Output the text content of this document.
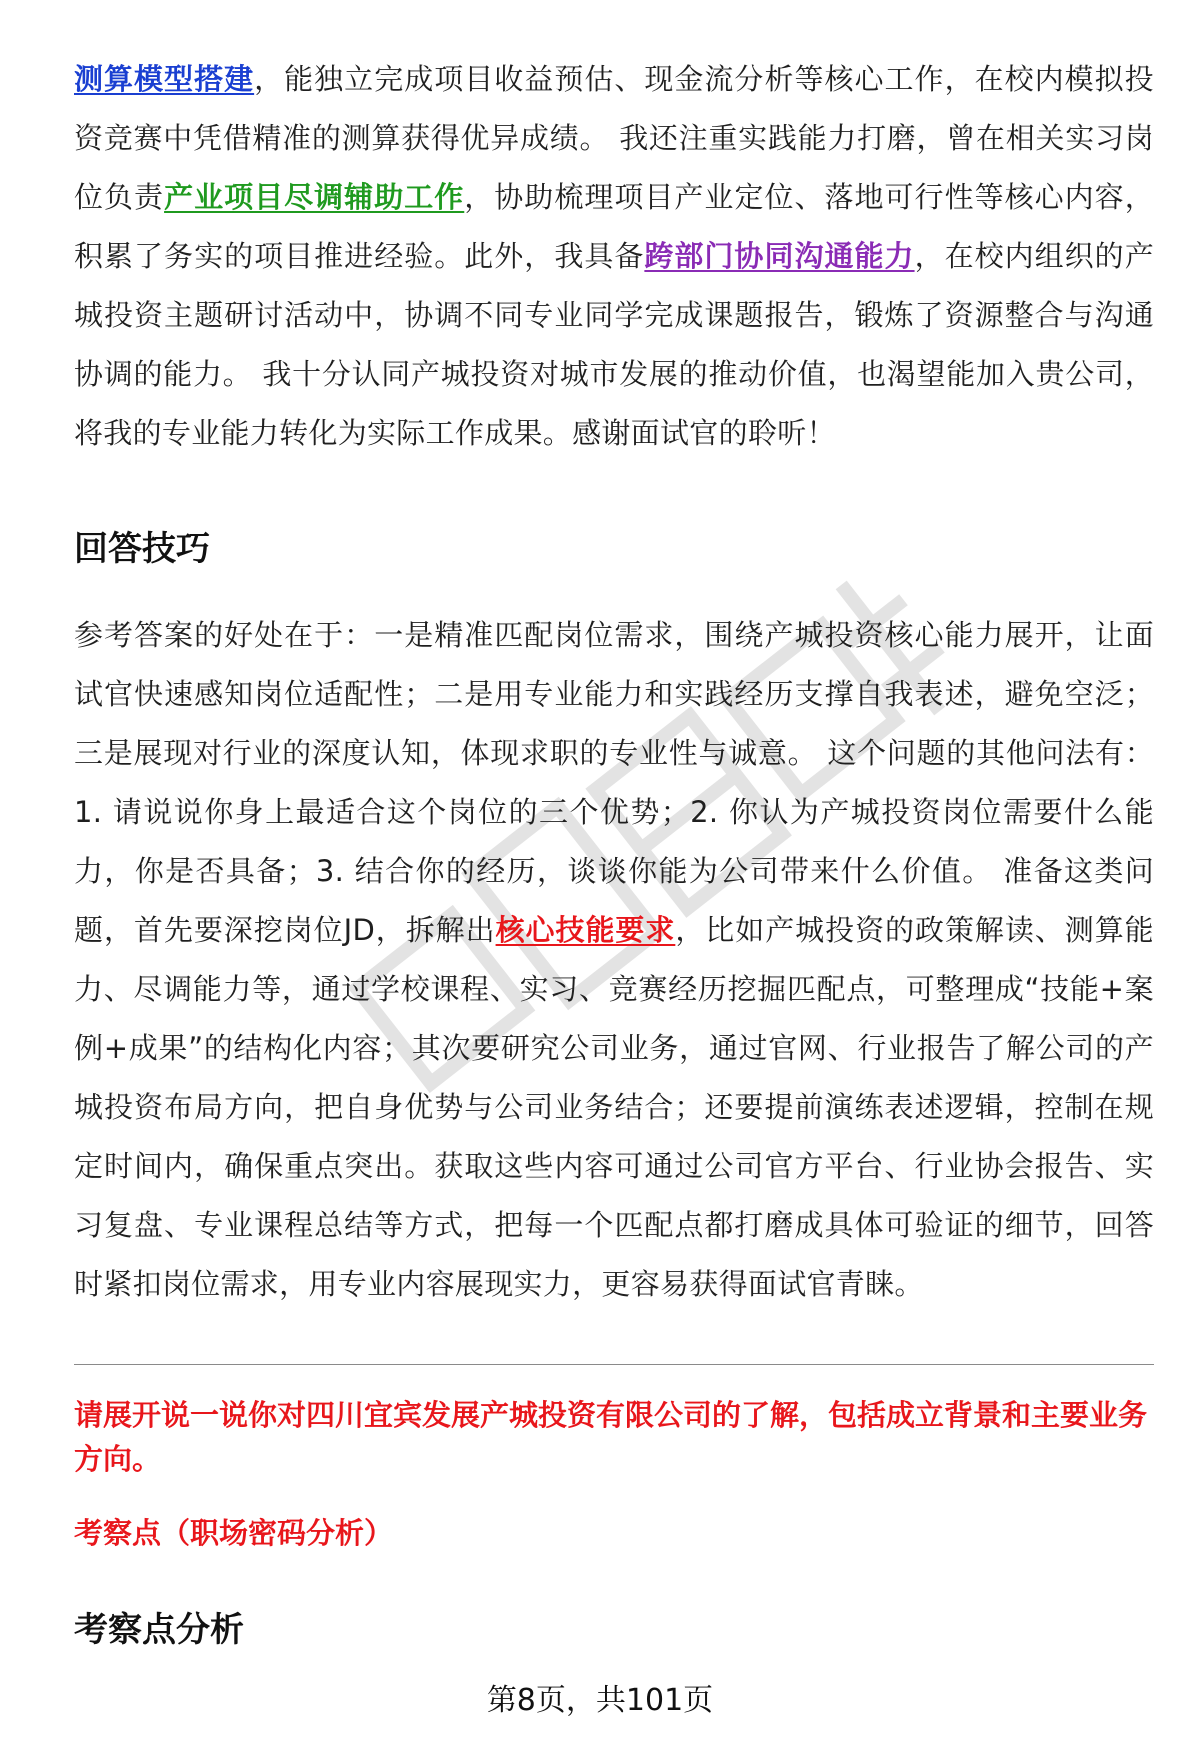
测算模型搭建，能独立完成项目收益预估、现金流分析等核心工作，在校内模拟投资竞赛中凭借精准的测算获得优异成绩。 我还注重实践能力打磨，曾在相关实习岗位负责产业项目尽调辅助工作，协助梳理项目产业定位、落地可行性等核心内容，积累了务实的项目推进经验。此外，我具备跨部门协同沟通能力，在校内组织的产城投资主题研讨活动中，协调不同专业同学完成课题报告，锻炼了资源整合与沟通协调的能力。 我十分认同产城投资对城市发展的推动价值，也渴望能加入贵公司，将我的专业能力转化为实际工作成果。感谢面试官的聆听！

回答技巧

参考答案的好处在于：一是精准匹配岗位需求，围绕产城投资核心能力展开，让面试官快速感知岗位适配性；二是用专业能力和实践经历支撑自我表述，避免空泛；三是展现对行业的深度认知，体现求职的专业性与诚意。 这个问题的其他问法有：1. 请说说你身上最适合这个岗位的三个优势；2. 你认为产城投资岗位需要什么能力，你是否具备；3. 结合你的经历，谈谈你能为公司带来什么价值。 准备这类问题，首先要深挖岗位JD，拆解出核心技能要求，比如产城投资的政策解读、测算能力、尽调能力等，通过学校课程、实习、竞赛经历挖掘匹配点，可整理成“技能+案例+成果”的结构化内容；其次要研究公司业务，通过官网、行业报告了解公司的产城投资布局方向，把自身优势与公司业务结合；还要提前演练表述逻辑，控制在规定时间内，确保重点突出。获取这些内容可通过公司官方平台、行业协会报告、实习复盘、专业课程总结等方式，把每一个匹配点都打磨成具体可验证的细节，回答时紧扣岗位需求，用专业内容展现实力，更容易获得面试官青睐。

请展开说一说你对四川宜宾发展产城投资有限公司的了解，包括成立背景和主要业务方向。

考察点（职场密码分析）

考察点分析
第8页，共101页
